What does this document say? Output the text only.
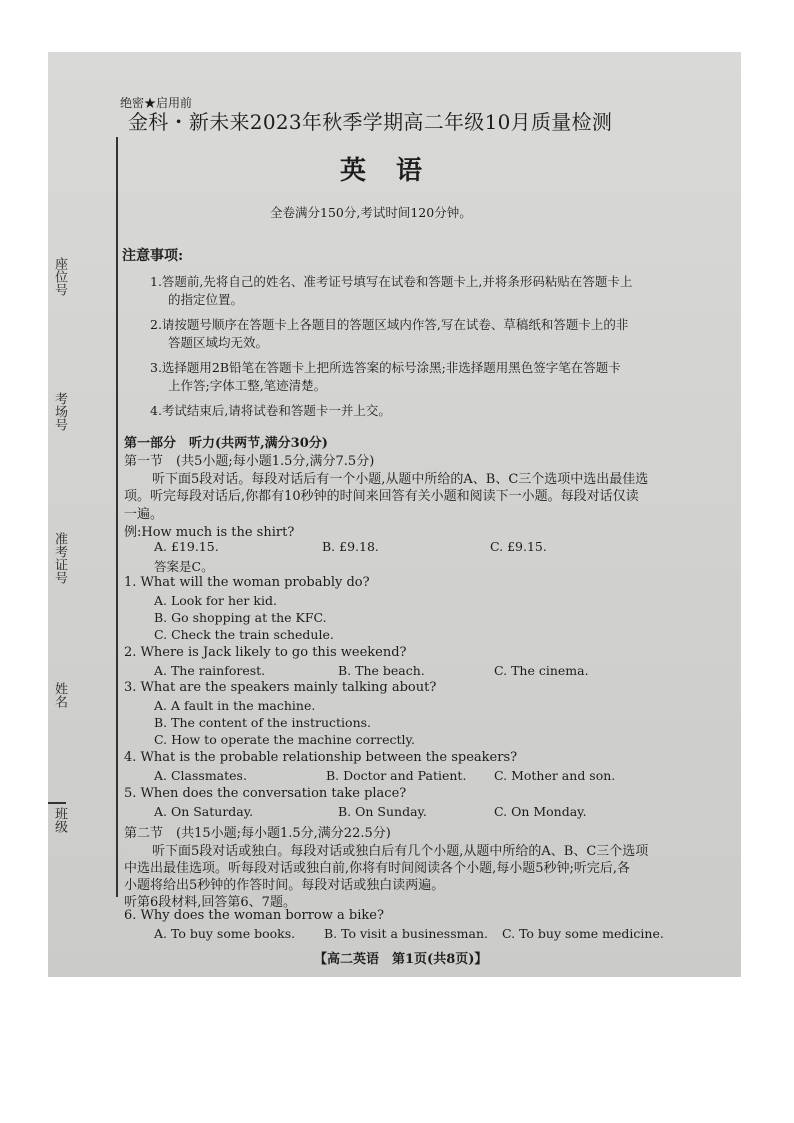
班级
姓名
准考证号
考场号
座位号
绝密★启用前
金科・新未来2023年秋季学期高二年级10月质量检测
英语
全卷满分150分,考试时间120分钟。
注意事项:
1.答题前,先将自己的姓名、准考证号填写在试卷和答题卡上,并将条形码粘贴在答题卡上
的指定位置。
2.请按题号顺序在答题卡上各题目的答题区域内作答,写在试卷、草稿纸和答题卡上的非
答题区域均无效。
3.选择题用2B铅笔在答题卡上把所选答案的标号涂黑;非选择题用黑色签字笔在答题卡
上作答;字体工整,笔迹清楚。
4.考试结束后,请将试卷和答题卡一并上交。
第一部分　听力(共两节,满分30分)
第一节　(共5小题;每小题1.5分,满分7.5分)
听下面5段对话。每段对话后有一个小题,从题中所给的A、B、C三个选项中选出最佳选
项。听完每段对话后,你都有10秒钟的时间来回答有关小题和阅读下一小题。每段对话仅读
一遍。
例:How much is the shirt?
A. £19.15.	B. £9.18.	C. £9.15.
答案是C。
1. What will the woman probably do?
A. Look for her kid.
B. Go shopping at the KFC.
C. Check the train schedule.
2. Where is Jack likely to go this weekend?
A. The rainforest.	B. The beach.	C. The cinema.
3. What are the speakers mainly talking about?
A. A fault in the machine.
B. The content of the instructions.
C. How to operate the machine correctly.
4. What is the probable relationship between the speakers?
A. Classmates.	B. Doctor and Patient. C. Mother and son.
5. When does the conversation take place?
A. On Saturday.	B. On Sunday.	C. On Monday.
第二节　(共15小题;每小题1.5分,满分22.5分)
听下面5段对话或独白。每段对话或独白后有几个小题,从题中所给的A、B、C三个选项
中选出最佳选项。听每段对话或独白前,你将有时间阅读各个小题,每小题5秒钟;听完后,各
小题将给出5秒钟的作答时间。每段对话或独白读两遍。
听第6段材料,回答第6、7题。
6. Why does the woman borrow a bike?
A. To buy some books. B. To visit a businessman. C. To buy some medicine.
【高二英语　第1页(共8页)】
